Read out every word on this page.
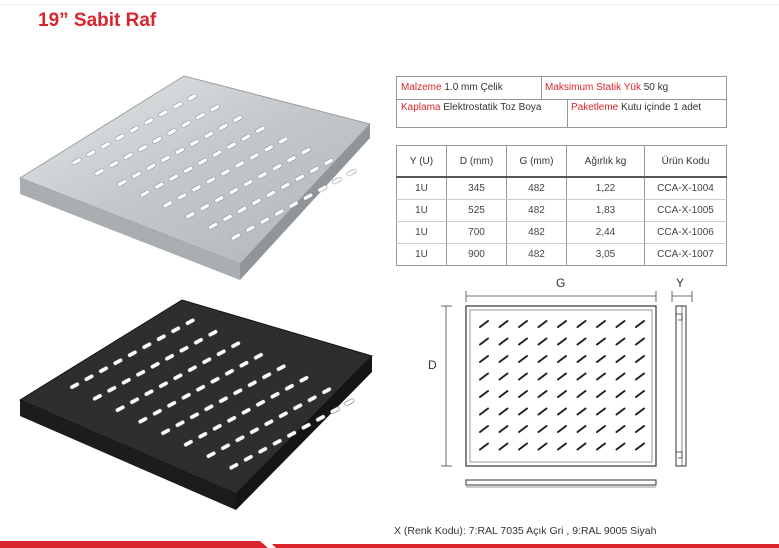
19” Sabit Raf
Malzeme 1.0 mm Çelik	Maksimum Statik Yük 50 kg
Kaplama Elektrostatik Toz Boya	Paketleme Kutu içinde 1 adet
Y (U)	D (mm)	G (mm)	Ağırlık kg	Ürün Kodu
1U	345	482	1,22	CCA-X-1004
1U	525	482	1,83	CCA-X-1005
1U	700	482	2,44	CCA-X-1006
1U	900	482	3,05	CCA-X-1007
G	Y
D
X (Renk Kodu): 7:RAL 7035 Açık Gri , 9:RAL 9005 Siyah
